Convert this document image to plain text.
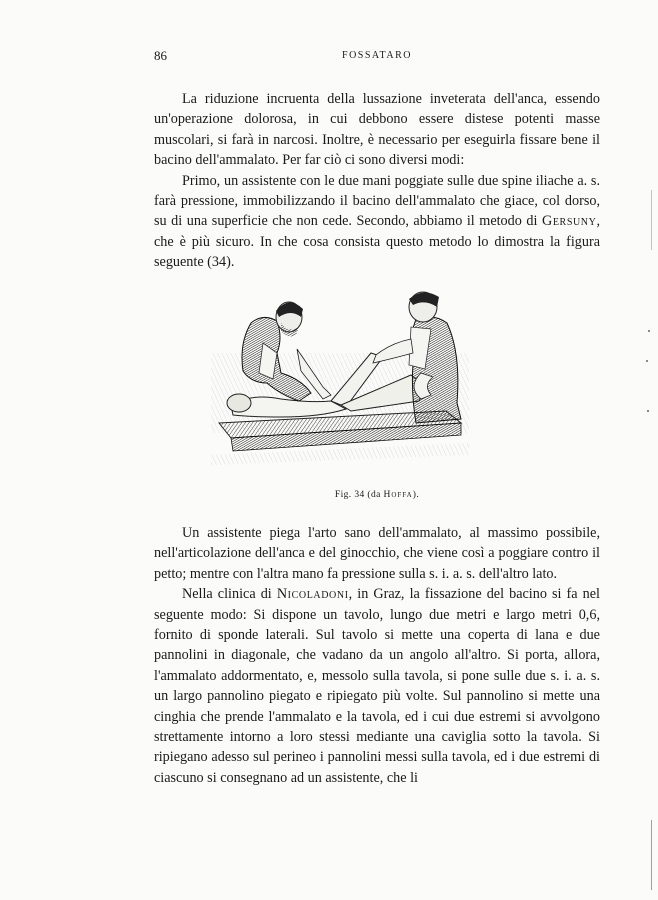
86	FOSSATARO

La riduzione incruenta della lussazione inveterata dell'anca, essendo un'operazione dolorosa, in cui debbono essere distese potenti masse muscolari, si farà in narcosi. Inoltre, è necessario per eseguirla fissare bene il bacino dell'ammalato. Per far ciò ci sono diversi modi:

Primo, un assistente con le due mani poggiate sulle due spine iliache a. s. farà pressione, immobilizzando il bacino dell'ammalato che giace, col dorso, su di una superficie che non cede. Secondo, abbiamo il metodo di Gersuny, che è più sicuro. In che cosa consista questo metodo lo dimostra la figura seguente (34).

Fig. 34 (da Hoffa).

Un assistente piega l'arto sano dell'ammalato, al massimo possibile, nell'articolazione dell'anca e del ginocchio, che viene così a poggiare contro il petto; mentre con l'altra mano fa pressione sulla s. i. a. s. dell'altro lato.

Nella clinica di Nicoladoni, in Graz, la fissazione del bacino si fa nel seguente modo: Si dispone un tavolo, lungo due metri e largo metri 0,6, fornito di sponde laterali. Sul tavolo si mette una coperta di lana e due pannolini in diagonale, che vadano da un angolo all'altro. Si porta, allora, l'ammalato addormentato, e, messolo sulla tavola, si pone sulle due s. i. a. s. un largo pannolino piegato e ripiegato più volte. Sul pannolino si mette una cinghia che prende l'ammalato e la tavola, ed i cui due estremi si avvolgono strettamente intorno a loro stessi mediante una caviglia sotto la tavola. Si ripiegano adesso sul perineo i pannolini messi sulla tavola, ed i due estremi di ciascuno si consegnano ad un assistente, che li
